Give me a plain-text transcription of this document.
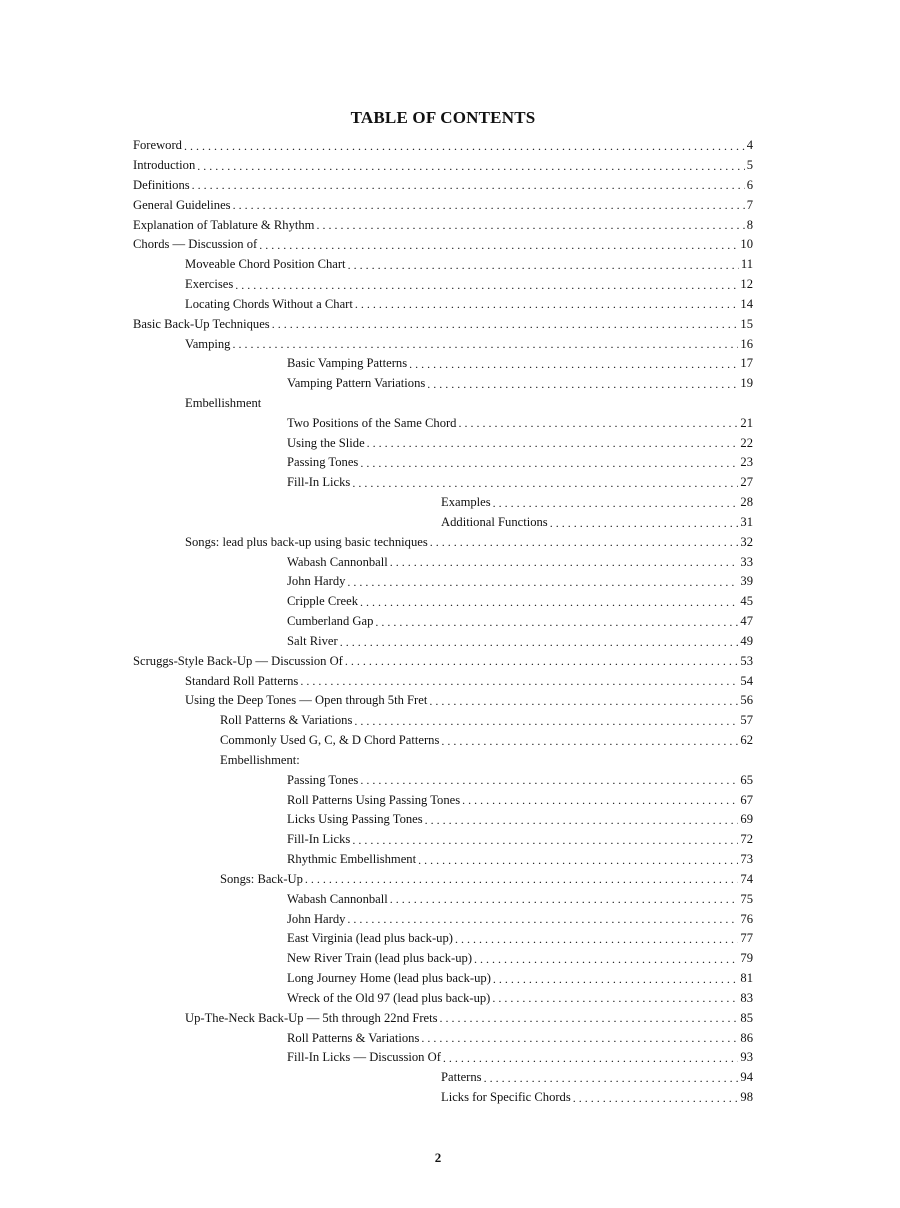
TABLE OF CONTENTS
Foreword . . .	4
Introduction . . .	5
Definitions . . .	6
General Guidelines . . .	7
Explanation of Tablature & Rhythm . . .	8
Chords — Discussion of . . .	10
Moveable Chord Position Chart . . .	11
Exercises . . .	12
Locating Chords Without a Chart . . .	14
Basic Back-Up Techniques . . .	15
Vamping . . .	16
Basic Vamping Patterns . . .	17
Vamping Pattern Variations . . .	19
Embellishment
Two Positions of the Same Chord . . .	21
Using the Slide . . .	22
Passing Tones . . .	23
Fill-In Licks . . .	27
Examples . . .	28
Additional Functions . . .	31
Songs: lead plus back-up using basic techniques . . .	32
Wabash Cannonball . . .	33
John Hardy . . .	39
Cripple Creek . . .	45
Cumberland Gap . . .	47
Salt River . . .	49
Scruggs-Style Back-Up — Discussion Of . . .	53
Standard Roll Patterns . . .	54
Using the Deep Tones — Open through 5th Fret . . .	56
Roll Patterns & Variations . . .	57
Commonly Used G, C, & D Chord Patterns . . .	62
Embellishment:
Passing Tones . . .	65
Roll Patterns Using Passing Tones . . .	67
Licks Using Passing Tones . . .	69
Fill-In Licks . . .	72
Rhythmic Embellishment . . .	73
Songs: Back-Up . . .	74
Wabash Cannonball . . .	75
John Hardy . . .	76
East Virginia (lead plus back-up) . . .	77
New River Train (lead plus back-up) . . .	79
Long Journey Home (lead plus back-up) . . .	81
Wreck of the Old 97 (lead plus back-up) . . .	83
Up-The-Neck Back-Up — 5th through 22nd Frets . . .	85
Roll Patterns & Variations . . .	86
Fill-In Licks — Discussion Of . . .	93
Patterns . . .	94
Licks for Specific Chords . . .	98
2
